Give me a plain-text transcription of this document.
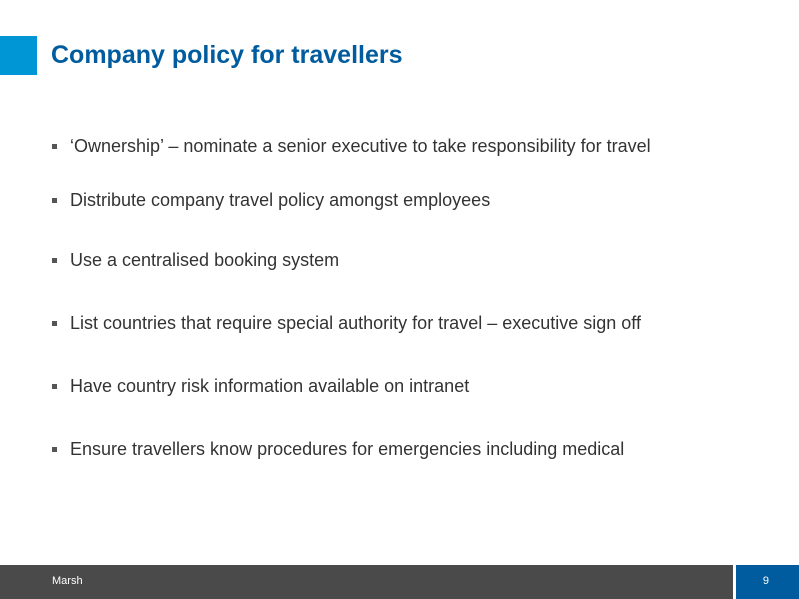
Company policy for travellers
‘Ownership’ – nominate a senior executive to take responsibility for travel
Distribute company travel policy amongst employees
Use a centralised booking system
List countries that require special authority for travel – executive sign off
Have country risk information available on intranet
Ensure travellers know procedures for emergencies including medical
Marsh	9
